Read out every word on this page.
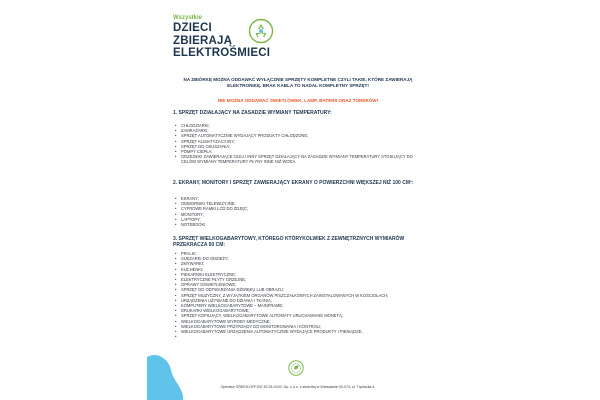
Wszystkie
DZIECI
ZBIERAJĄ
ELEKTROŚMIECI
NA ZBIÓRKĘ MOŻNA ODDAWAĆ WYŁĄCZNIE SPRZĘTY KOMPLETNE CZYLI TAKIE, KTÓRE ZAWIERAJĄ ELEKTRONIKĘ. BRAK KABLA TO NADAL KOMPLETNY SPRZĘT!
NIE MOŻNA ODDAWAĆ ŚWIETLÓWEK, LAMP, BATERII ORAZ TONERÓW!
1. SPRZĘT DZIAŁAJĄCY NA ZASADZIE WYMIANY TEMPERATURY:
• CHŁODZIARKI;
• ZAMRAŻARKI;
• SPRZĘT AUTOMATYCZNIE WYDAJĄCY PRODUKTY CHŁODZONE;
• SPRZĘT KLIMATYZACYJNY;
• SPRZĘT DO OSUSZANIA;
• POMPY CIEPŁA;
• GRZEJNIKI ZAWIERAJĄCE OLEJ I INNY SPRZĘT DZIAŁAJĄCY NA ZASADZIE WYMIANY TEMPERATURY STOSUJĄCY DO CELÓW WYMIANY TEMPERATURY PŁYNY INNE NIŻ WODA.
2. EKRANY, MONITORY I SPRZĘT ZAWIERAJĄCY EKRANY O POWIERZCHNI WIĘKSZEJ NIŻ 100 CM²:
• EKRANY;
• ODBIORNIKI TELEWIZYJNE;
• CYFROWE RAMKI LCD DO ZDJĘĆ;
• MONITORY;
• LAPTOPY;
• NOTEBOOKI.
3. SPRZĘT WIELKOGABARYTOWY, KTÓREGO KTÓRYKOLWIEK Z ZEWNĘTRZNYCH WYMIARÓW PRZEKRACZA 50 CM:
• PRALKI;
• SUSZARKI DO ODZIEŻY;
• ZMYWARKI;
• KUCHENKI;
• PIEKARNIKI ELEKTRYCZNE;
• ELEKTRYCZNE PŁYTY GRZEJNE;
• OPRAWY OŚWIETLENIOWE;
• SPRZĘT DO ODTWARZANIA DŹWIĘKU LUB OBRAZU;
• SPRZĘT MUZYCZNY, Z WYJĄTKIEM ORGANÓW PISZCZAŁKOWYCH ZAINSTALOWANYCH W KOŚCIOŁACH;
• URZĄDZENIA UŻYWANE DO DZIANIA I TKANIA;
• KOMPUTERY WIELKOGABARYTOWE – MAINFRAME;
• DRUKARKI WIELKOGABARYTOWE;
• SPRZĘT KOPIUJĄCY, WIELKOGABARYTOWE AUTOMATY URUCHAMIANE MONETĄ;
• WIELKOGABARYTOWE WYROBY MEDYCZNE;
• WIELKOGABARYTOWE PRZYRZĄDY DO MONITOROWANIA I KONTROLI;
• WIELKOGABARYTOWE URZĄDZENIA AUTOMATYCZNIE WYDAJĄCE PRODUKTY I PIENIĄDZE,
Operator GREEN OFFICE ECOLOGIC Sp. z o.o. z siedzibą w Warszawie 00-074, ul. Trębacka 4
